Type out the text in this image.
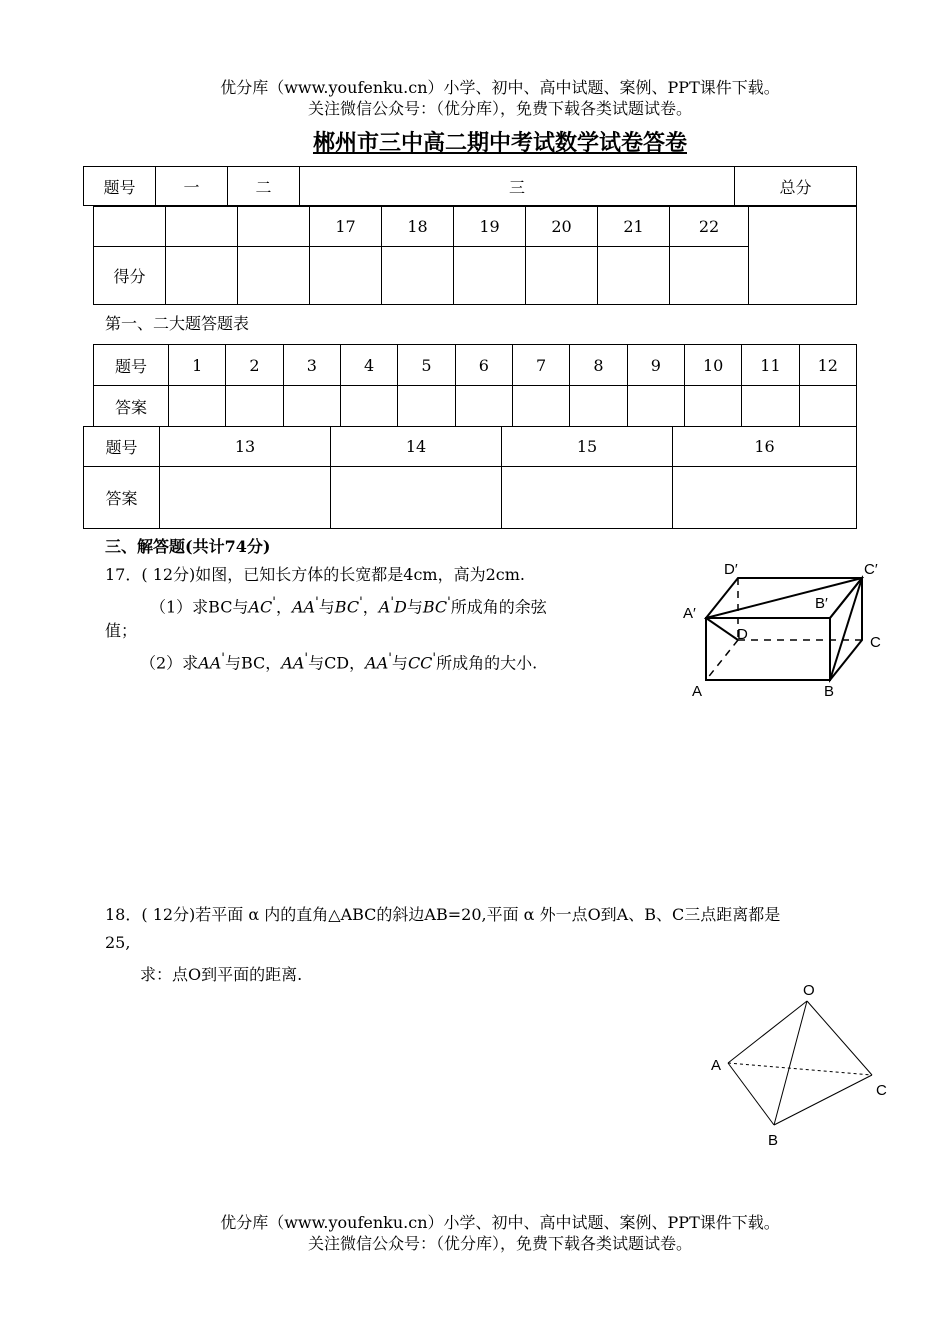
优分库（www.youfenku.cn）小学、初中、高中试题、案例、PPT课件下载。
关注微信公众号：（优分库），免费下载各类试题试卷。
郴州市三中高二期中考试数学试卷答卷
题号	一	二	三	总分
			17	18	19	20	21	22	
得分									
第一、二大题答题表
题号	1	2	3	4	5	6	7	8	9	10	11	12
答案												
题号	13	14	15	16
答案				
三、解答题(共计74分)
17．( 12分)如图，已知长方体的长宽都是4cm，高为2cm.
（1）求BC与AC'，AA'与BC'，A'D与BC'所成角的余弦
值；
（2）求AA'与BC，AA'与CD，AA'与CC'所成角的大小.
D′	C′
A′
B′
D	C
A	B
18．( 12分)若平面 α 内的直角△ABC的斜边AB=20,平面 α 外一点O到A、B、C三点距离都是
25,
求：点O到平面的距离.
O
A
B
C
优分库（www.youfenku.cn）小学、初中、高中试题、案例、PPT课件下载。
关注微信公众号：（优分库），免费下载各类试题试卷。
